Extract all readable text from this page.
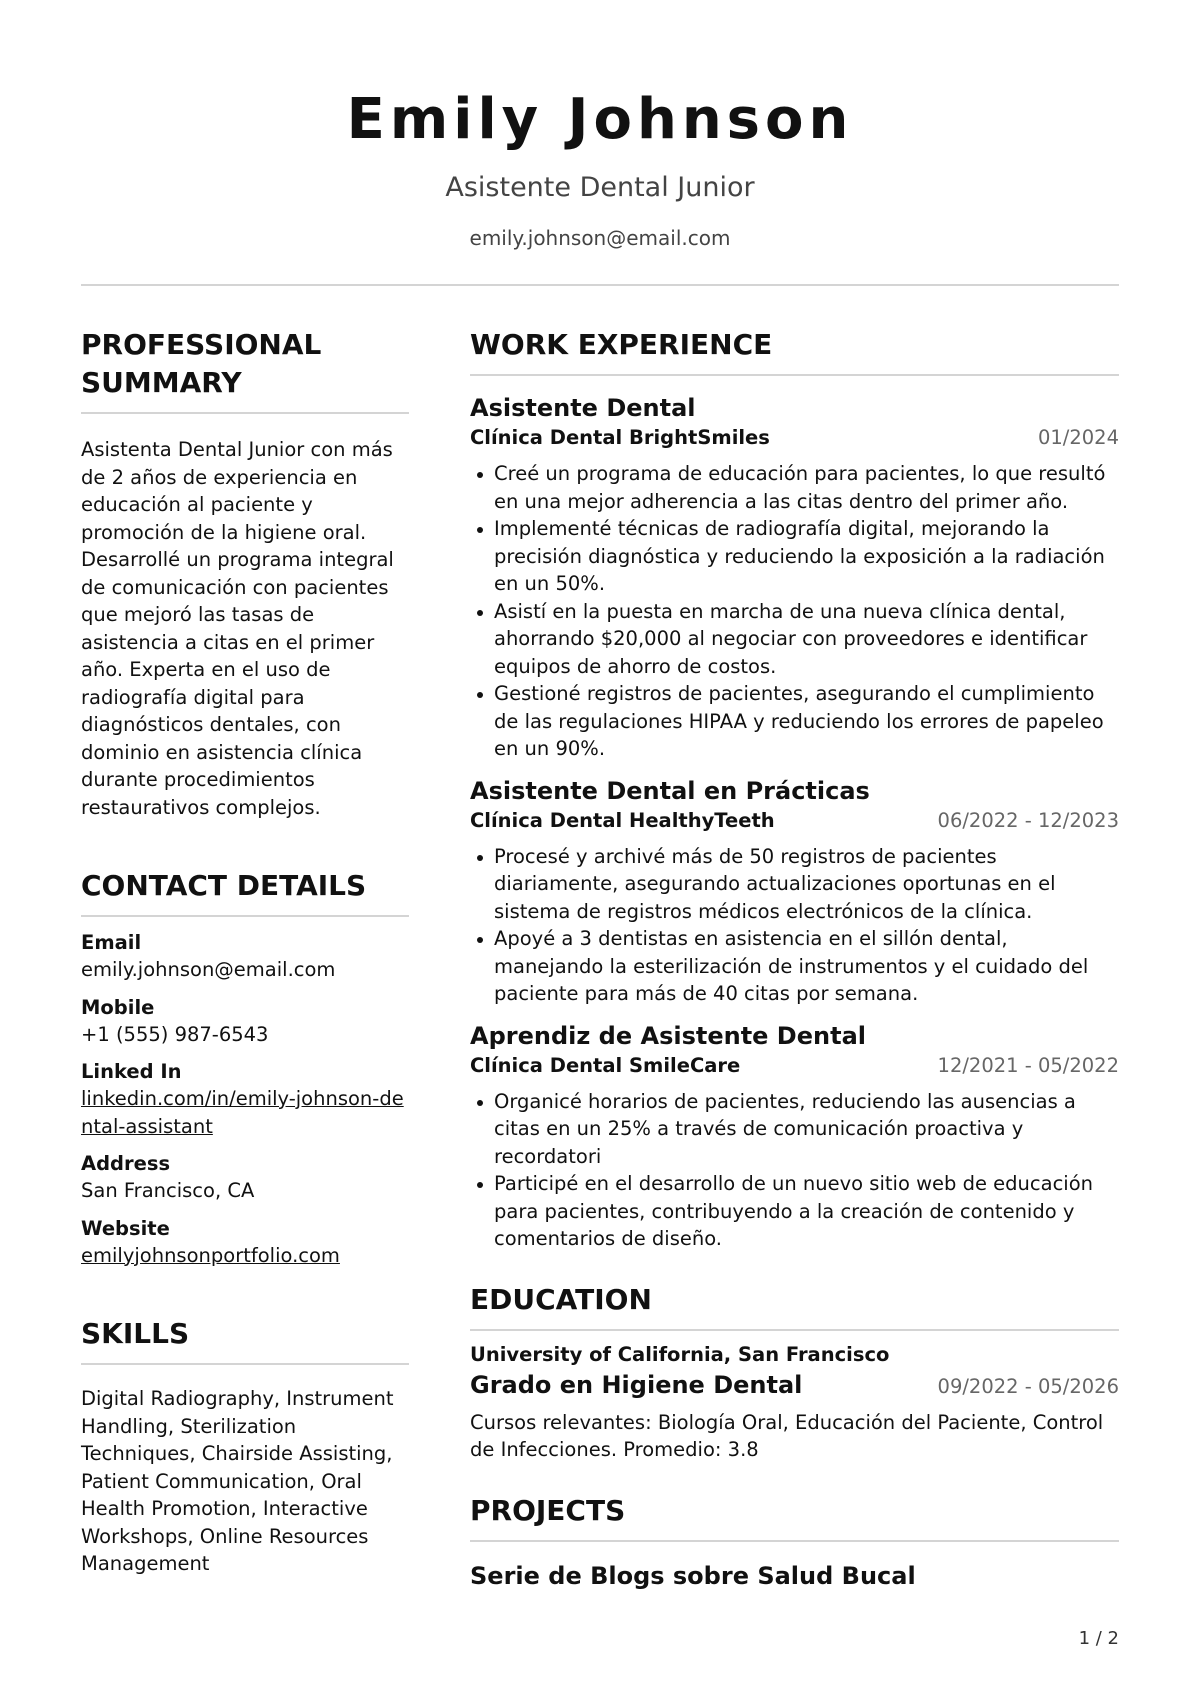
Emily Johnson
Asistente Dental Junior
emily.johnson@email.com
PROFESSIONAL SUMMARY

Asistenta Dental Junior con más de 2 años de experiencia en educación al paciente y promoción de la higiene oral. Desarrollé un programa integral de comunicación con pacientes que mejoró las tasas de asistencia a citas en el primer año. Experta en el uso de radiografía digital para diagnósticos dentales, con dominio en asistencia clínica durante procedimientos restaurativos complejos.

CONTACT DETAILS
Email
emily.johnson@email.com
Mobile
+1 (555) 987-6543
Linked In
linkedin.com/in/emily-johnson-dental-assistant
Address
San Francisco, CA
Website
emilyjohnsonportfolio.com
SKILLS
Digital Radiography, Instrument Handling, Sterilization Techniques, Chairside Assisting, Patient Communication, Oral Health Promotion, Interactive Workshops, Online Resources Management
WORK EXPERIENCE
Asistente Dental
Clínica Dental BrightSmiles	01/2024
Creé un programa de educación para pacientes, lo que resultó en una mejor adherencia a las citas dentro del primer año.
Implementé técnicas de radiografía digital, mejorando la precisión diagnóstica y reduciendo la exposición a la radiación en un 50%.
Asistí en la puesta en marcha de una nueva clínica dental, ahorrando $20,000 al negociar con proveedores e identificar equipos de ahorro de costos.
Gestioné registros de pacientes, asegurando el cumplimiento de las regulaciones HIPAA y reduciendo los errores de papeleo en un 90%.
Asistente Dental en Prácticas
Clínica Dental HealthyTeeth	06/2022 - 12/2023
Procesé y archivé más de 50 registros de pacientes diariamente, asegurando actualizaciones oportunas en el sistema de registros médicos electrónicos de la clínica.
Apoyé a 3 dentistas en asistencia en el sillón dental, manejando la esterilización de instrumentos y el cuidado del paciente para más de 40 citas por semana.
Aprendiz de Asistente Dental
Clínica Dental SmileCare	12/2021 - 05/2022
Organicé horarios de pacientes, reduciendo las ausencias a citas en un 25% a través de comunicación proactiva y recordatori
Participé en el desarrollo de un nuevo sitio web de educación para pacientes, contribuyendo a la creación de contenido y comentarios de diseño.
EDUCATION
University of California, San Francisco
Grado en Higiene Dental	09/2022 - 05/2026
Cursos relevantes: Biología Oral, Educación del Paciente, Control de Infecciones. Promedio: 3.8
PROJECTS
Serie de Blogs sobre Salud Bucal
1 / 2
